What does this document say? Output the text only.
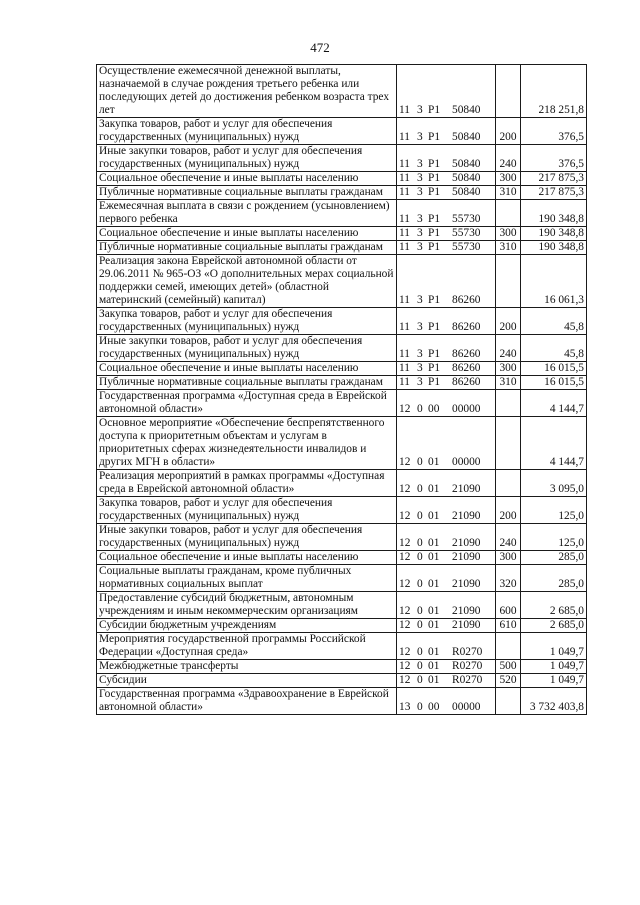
472
Осуществление ежемесячной денежной выплаты, назначаемой в случае рождения третьего ребенка или последующих детей до достижения ребенком возраста трех лет	11 3 P1 50840		218 251,8
Закупка товаров, работ и услуг для обеспечения государственных (муниципальных) нужд	11 3 P1 50840	200	376,5
Иные закупки товаров, работ и услуг для обеспечения государственных (муниципальных) нужд	11 3 P1 50840	240	376,5
Социальное обеспечение и иные выплаты населению	11 3 P1 50840	300	217 875,3
Публичные нормативные социальные выплаты гражданам	11 3 P1 50840	310	217 875,3
Ежемесячная выплата в связи с рождением (усыновлением) первого ребенка	11 3 P1 55730		190 348,8
Социальное обеспечение и иные выплаты населению	11 3 P1 55730	300	190 348,8
Публичные нормативные социальные выплаты гражданам	11 3 P1 55730	310	190 348,8
Реализация закона Еврейской автономной области от 29.06.2011 № 965-ОЗ «О дополнительных мерах социальной поддержки семей, имеющих детей» (областной материнский (семейный) капитал)	11 3 P1 86260		16 061,3
Закупка товаров, работ и услуг для обеспечения государственных (муниципальных) нужд	11 3 P1 86260	200	45,8
Иные закупки товаров, работ и услуг для обеспечения государственных (муниципальных) нужд	11 3 P1 86260	240	45,8
Социальное обеспечение и иные выплаты населению	11 3 P1 86260	300	16 015,5
Публичные нормативные социальные выплаты гражданам	11 3 P1 86260	310	16 015,5
Государственная программа «Доступная среда в Еврейской автономной области»	12 0 00 00000		4 144,7
Основное мероприятие «Обеспечение беспрепятственного доступа к приоритетным объектам и услугам в приоритетных сферах жизнедеятельности инвалидов и других МГН в области»	12 0 01 00000		4 144,7
Реализация мероприятий в рамках программы «Доступная среда в Еврейской автономной области»	12 0 01 21090		3 095,0
Закупка товаров, работ и услуг для обеспечения государственных (муниципальных) нужд	12 0 01 21090	200	125,0
Иные закупки товаров, работ и услуг для обеспечения государственных (муниципальных) нужд	12 0 01 21090	240	125,0
Социальное обеспечение и иные выплаты населению	12 0 01 21090	300	285,0
Социальные выплаты гражданам, кроме публичных нормативных социальных выплат	12 0 01 21090	320	285,0
Предоставление субсидий бюджетным, автономным учреждениям и иным некоммерческим организациям	12 0 01 21090	600	2 685,0
Субсидии бюджетным учреждениям	12 0 01 21090	610	2 685,0
Мероприятия государственной программы Российской Федерации «Доступная среда»	12 0 01 R0270		1 049,7
Межбюджетные трансферты	12 0 01 R0270	500	1 049,7
Субсидии	12 0 01 R0270	520	1 049,7
Государственная программа «Здравоохранение в Еврейской автономной области»	13 0 00 00000		3 732 403,8
